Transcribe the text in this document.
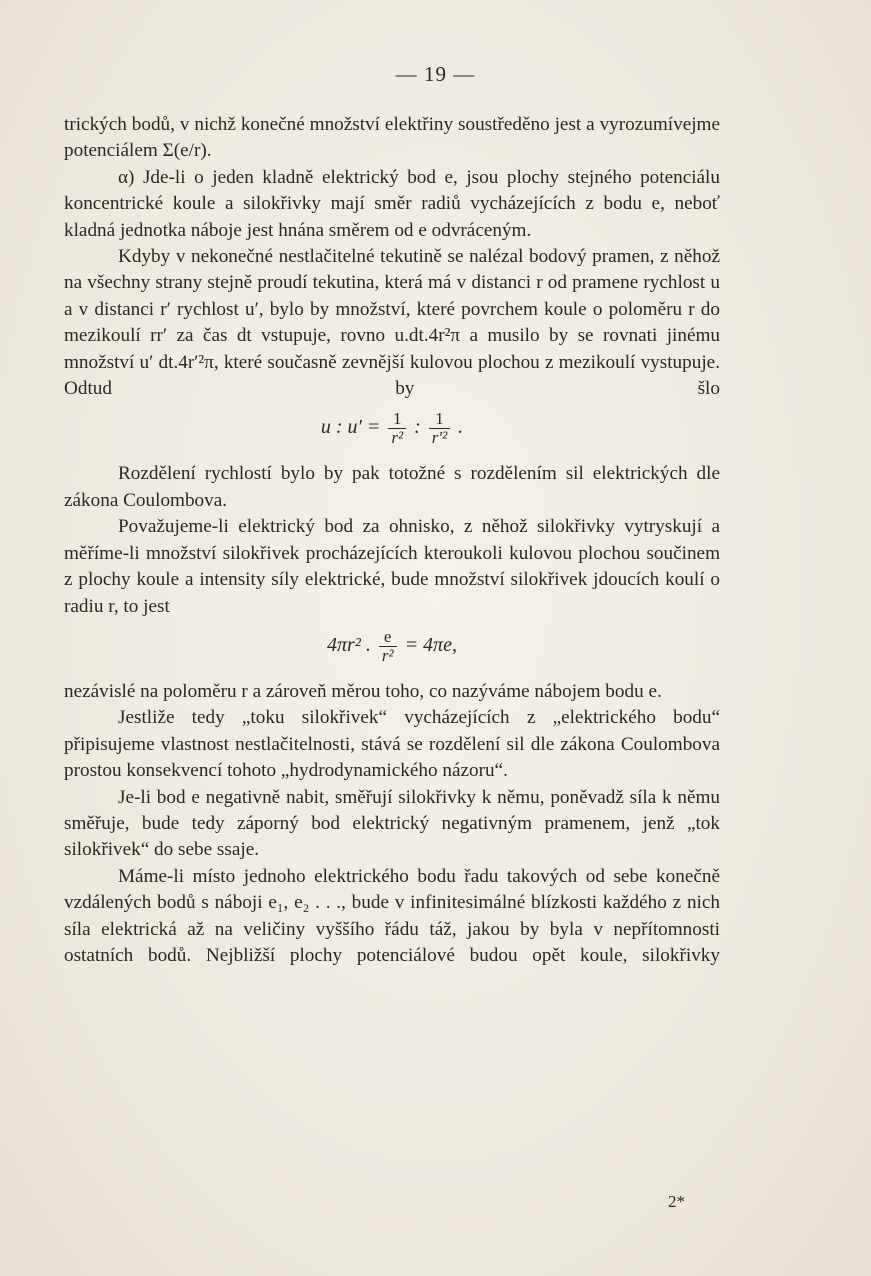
— 19 —

trických bodů, v nichž konečné množství elektřiny soustředěno jest a vyrozumívejme potenciálem Σ(e/r).

α) Jde-li o jeden kladně elektrický bod e, jsou plochy stejného potenciálu koncentrické koule a silokřivky mají směr radiů vycházejících z bodu e, neboť kladná jednotka náboje jest hnána směrem od e odvráceným.

Kdyby v nekonečné nestlačitelné tekutině se nalézal bodový pramen, z něhož na všechny strany stejně proudí tekutina, která má v distanci r od pramene rychlost u a v distanci r′ rychlost u′, bylo by množství, které povrchem koule o poloměru r do mezikoulí rr′ za čas dt vstupuje, rovno u.dt.4r²π a musilo by se rovnati jinému množství u′ dt.4r′²π, které současně zevnější kulovou plochou z mezikoulí vystupuje. Odtud by šlo

u : $u' = \frac{1}{\text{r²}}$ : $\frac{1}{\text{r′²}}$ .

Rozdělení rychlostí bylo by pak totožné s rozdělením sil elektrických dle zákona Coulombova.

Považujeme-li elektrický bod za ohnisko, z něhož silokřivky vytryskují a měříme-li množství silokřivek procházejících kteroukoli kulovou plochou součinem z plochy koule a intensity síly elektrické, bude množství silokřivek jdoucích koulí o radiu r, to jest

4πr² . $\frac{e}{\text{r²}} = 4\pi e$,

nezávislé na poloměru r a zároveň měrou toho, co nazýváme nábojem bodu e.

Jestliže tedy „toku silokřivek“ vycházejících z „elektrického bodu“ připisujeme vlastnost nestlačitelnosti, stává se rozdělení sil dle zákona Coulombova prostou konsekvencí tohoto „hydrodynamického názoru“.

Je-li bod e negativně nabit, směřují silokřivky k němu, poněvadž síla k němu směřuje, bude tedy záporný bod elektrický negativným pramenem, jenž „tok silokřivek“ do sebe ssaje.

Máme-li místo jednoho elektrického bodu řadu takových od sebe konečně vzdálených bodů s náboji e₁, e₂ . . ., bude v infinitesimálné blízkosti každého z nich síla elektrická až na veličiny vyššího řádu táž, jakou by byla v nepřítomnosti ostatních bodů. Nejbližší plochy potenciálové budou opět koule, silokřivky

2*
